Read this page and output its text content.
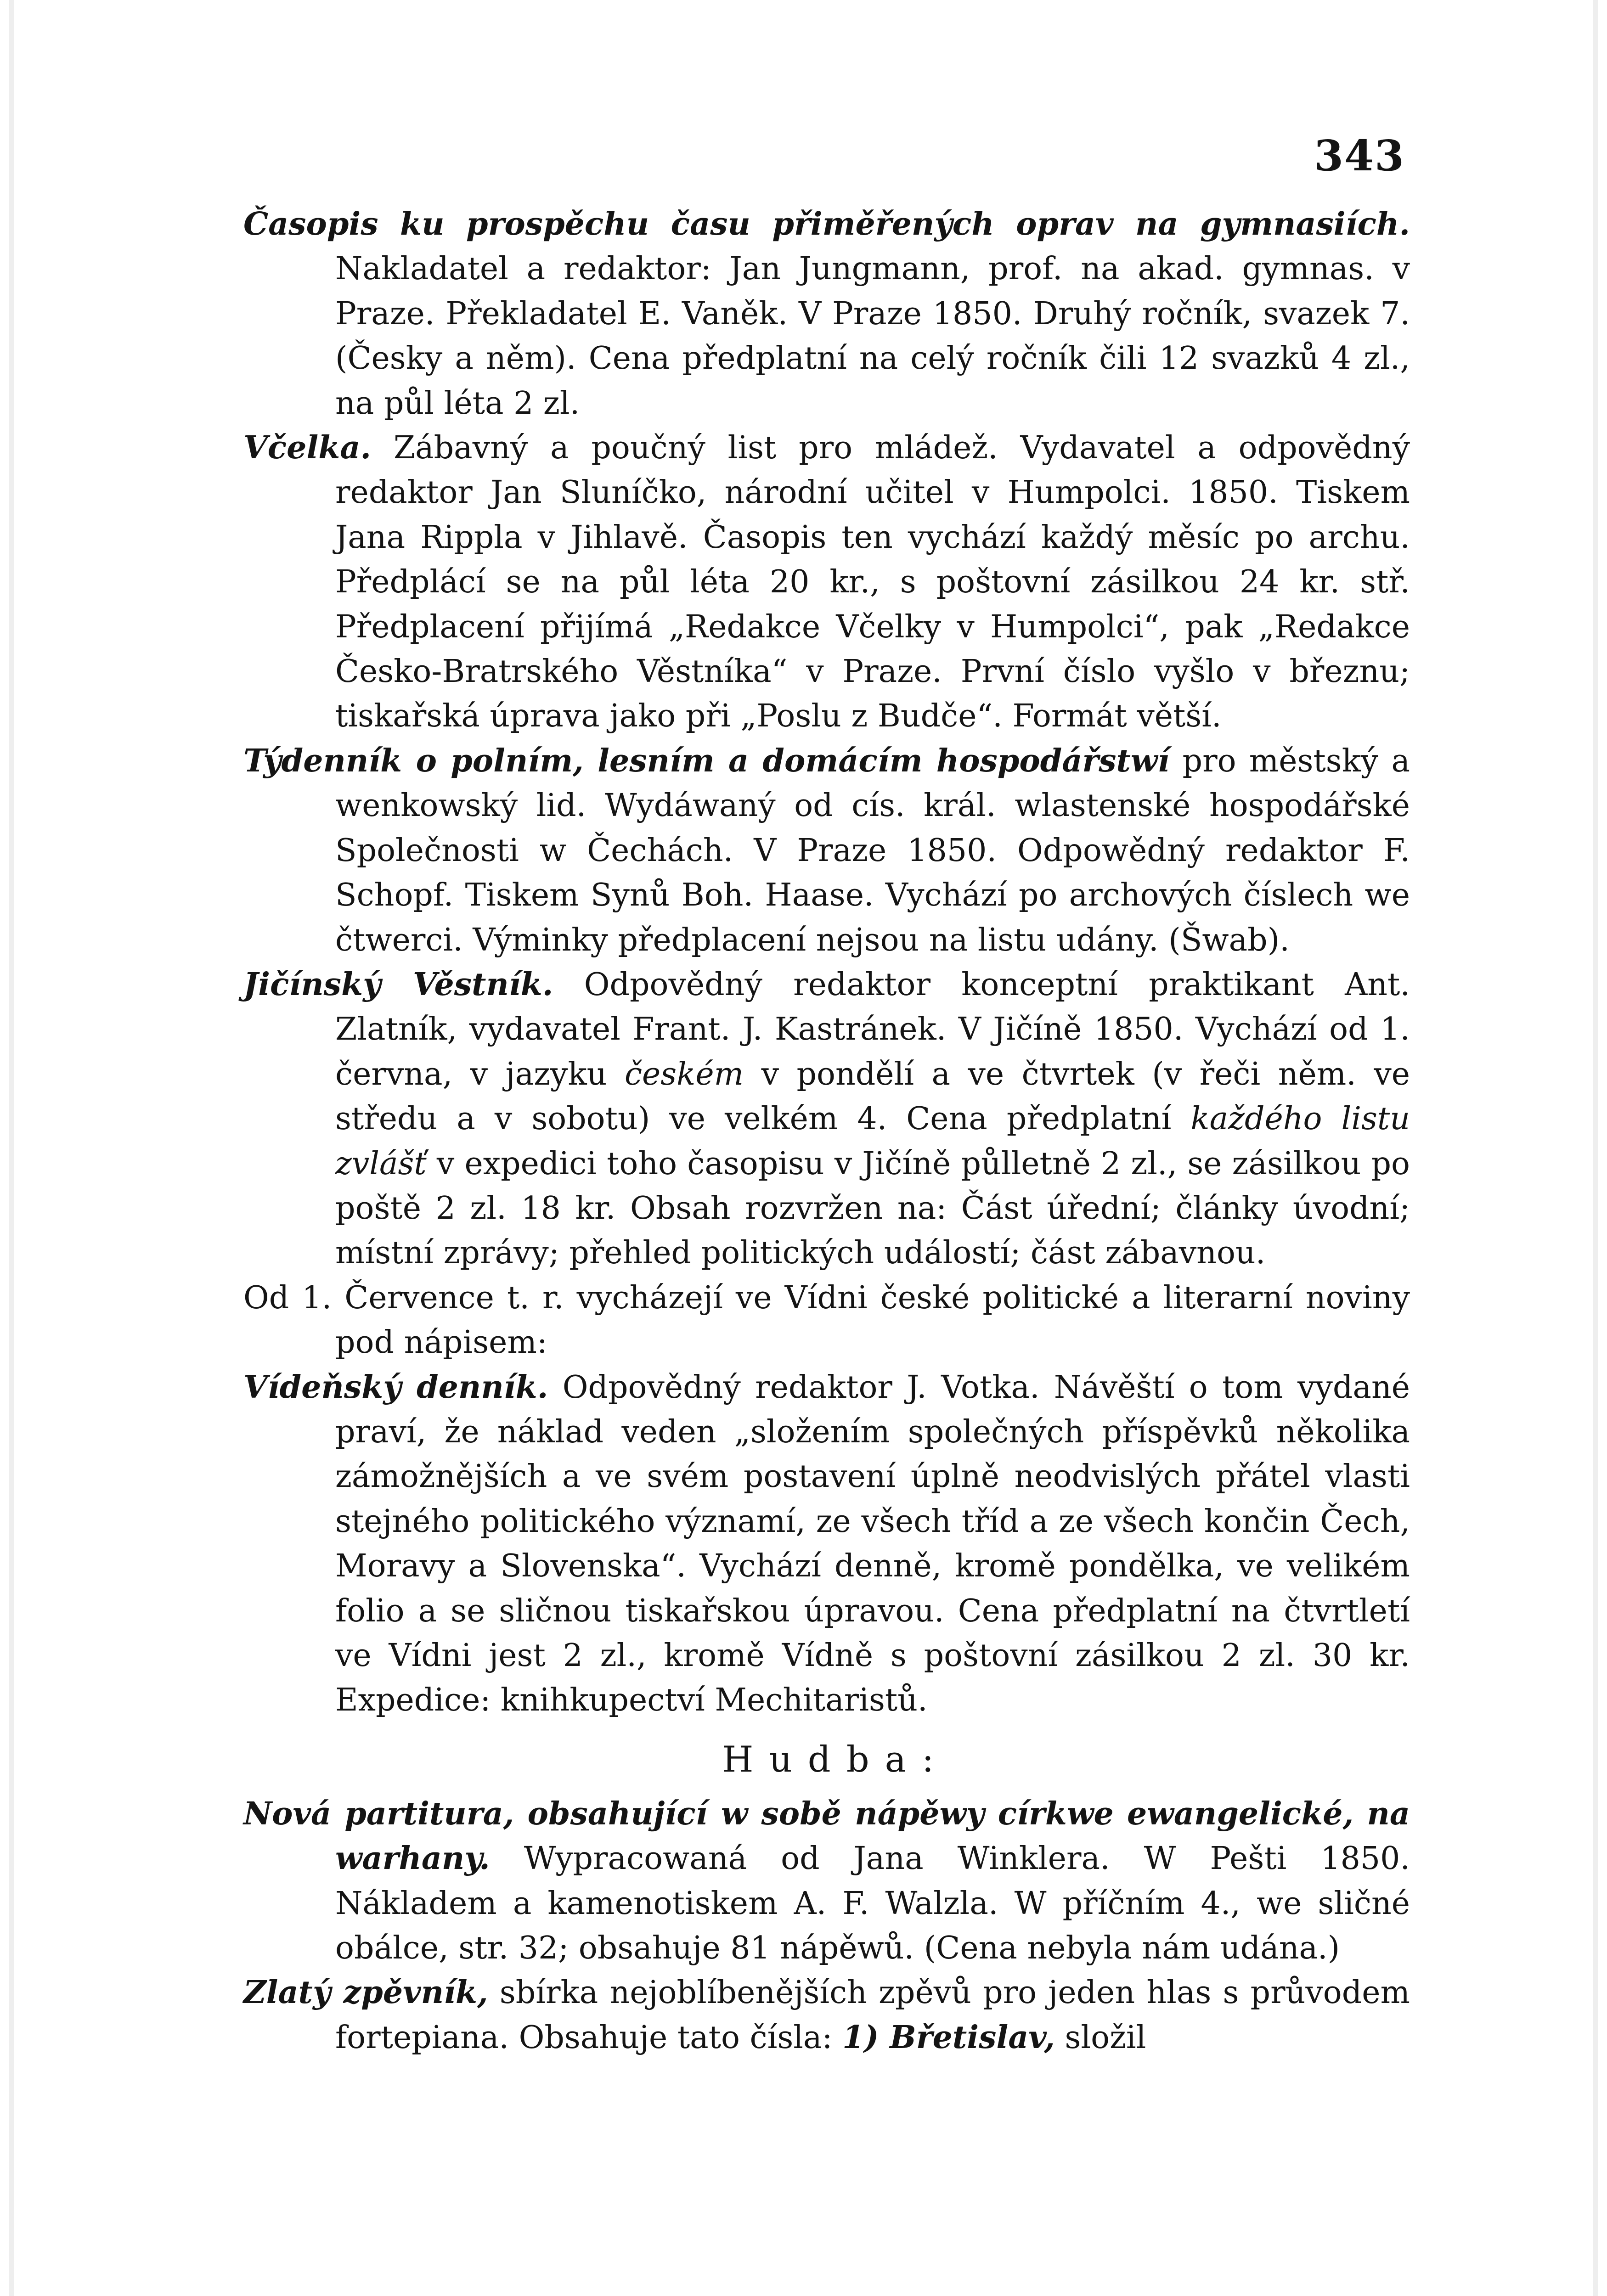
343

Časopis ku prospěchu času přiměřených oprav na gymnasiích. Nakladatel a redaktor: Jan Jungmann, prof. na akad. gymnas. v Praze. Překladatel E. Vaněk. V Praze 1850. Druhý ročník, svazek 7. (Česky a něm). Cena předplatní na celý ročník čili 12 svazků 4 zl., na půl léta 2 zl.

Včelka. Zábavný a poučný list pro mládež. Vydavatel a odpovědný redaktor Jan Sluníčko, národní učitel v Humpolci. 1850. Tiskem Jana Rippla v Jihlavě. Časopis ten vychází každý měsíc po archu. Předplácí se na půl léta 20 kr., s poštovní zásilkou 24 kr. stř. Předplacení přijímá „Redakce Včelky v Humpolci“, pak „Redakce Česko-Bratrského Věstníka“ v Praze. První číslo vyšlo v březnu; tiskařská úprava jako při „Poslu z Budče“. Formát větší.

Týdenník o polním, lesním a domácím hospodářstwí pro městský a wenkowský lid. Wydáwaný od cís. král. wlastenské hospodářské Společnosti w Čechách. V Praze 1850. Odpowědný redaktor F. Schopf. Tiskem Synů Boh. Haase. Vychází po archových číslech we čtwerci. Výminky předplacení nejsou na listu udány. (Šwab).

Jičínský Věstník. Odpovědný redaktor konceptní praktikant Ant. Zlatník, vydavatel Frant. J. Kastránek. V Jičíně 1850. Vychází od 1. června, v jazyku českém v pondělí a ve čtvrtek (v řeči něm. ve středu a v sobotu) ve velkém 4. Cena předplatní každého listu zvlášť v expedici toho časopisu v Jičíně půlletně 2 zl., se zásilkou po poště 2 zl. 18 kr. Obsah rozvržen na: Část úřední; články úvodní; místní zprávy; přehled politických událostí; část zábavnou.

Od 1. Července t. r. vycházejí ve Vídni české politické a literarní noviny pod nápisem:

Vídeňský denník. Odpovědný redaktor J. Votka. Návěští o tom vydané praví, že náklad veden „složením společných příspěvků několika zámožnějších a ve svém postavení úplně neodvislých přátel vlasti stejného politického významí, ze všech tříd a ze všech končin Čech, Moravy a Slovenska“. Vychází denně, kromě pondělka, ve velikém folio a se sličnou tiskařskou úpravou. Cena předplatní na čtvrtletí ve Vídni jest 2 zl., kromě Vídně s poštovní zásilkou 2 zl. 30 kr. Expedice: knihkupectví Mechitaristů.

Hudba:

Nová partitura, obsahující w sobě nápěwy církwe ewangelické, na warhany. Wypracowaná od Jana Winklera. W Pešti 1850. Nákladem a kamenotiskem A. F. Walzla. W příčním 4., we sličné obálce, str. 32; obsahuje 81 nápěwů. (Cena nebyla nám udána.)

Zlatý zpěvník, sbírka nejoblíbenějších zpěvů pro jeden hlas s průvodem fortepiana. Obsahuje tato čísla: 1) Břetislav, složil
